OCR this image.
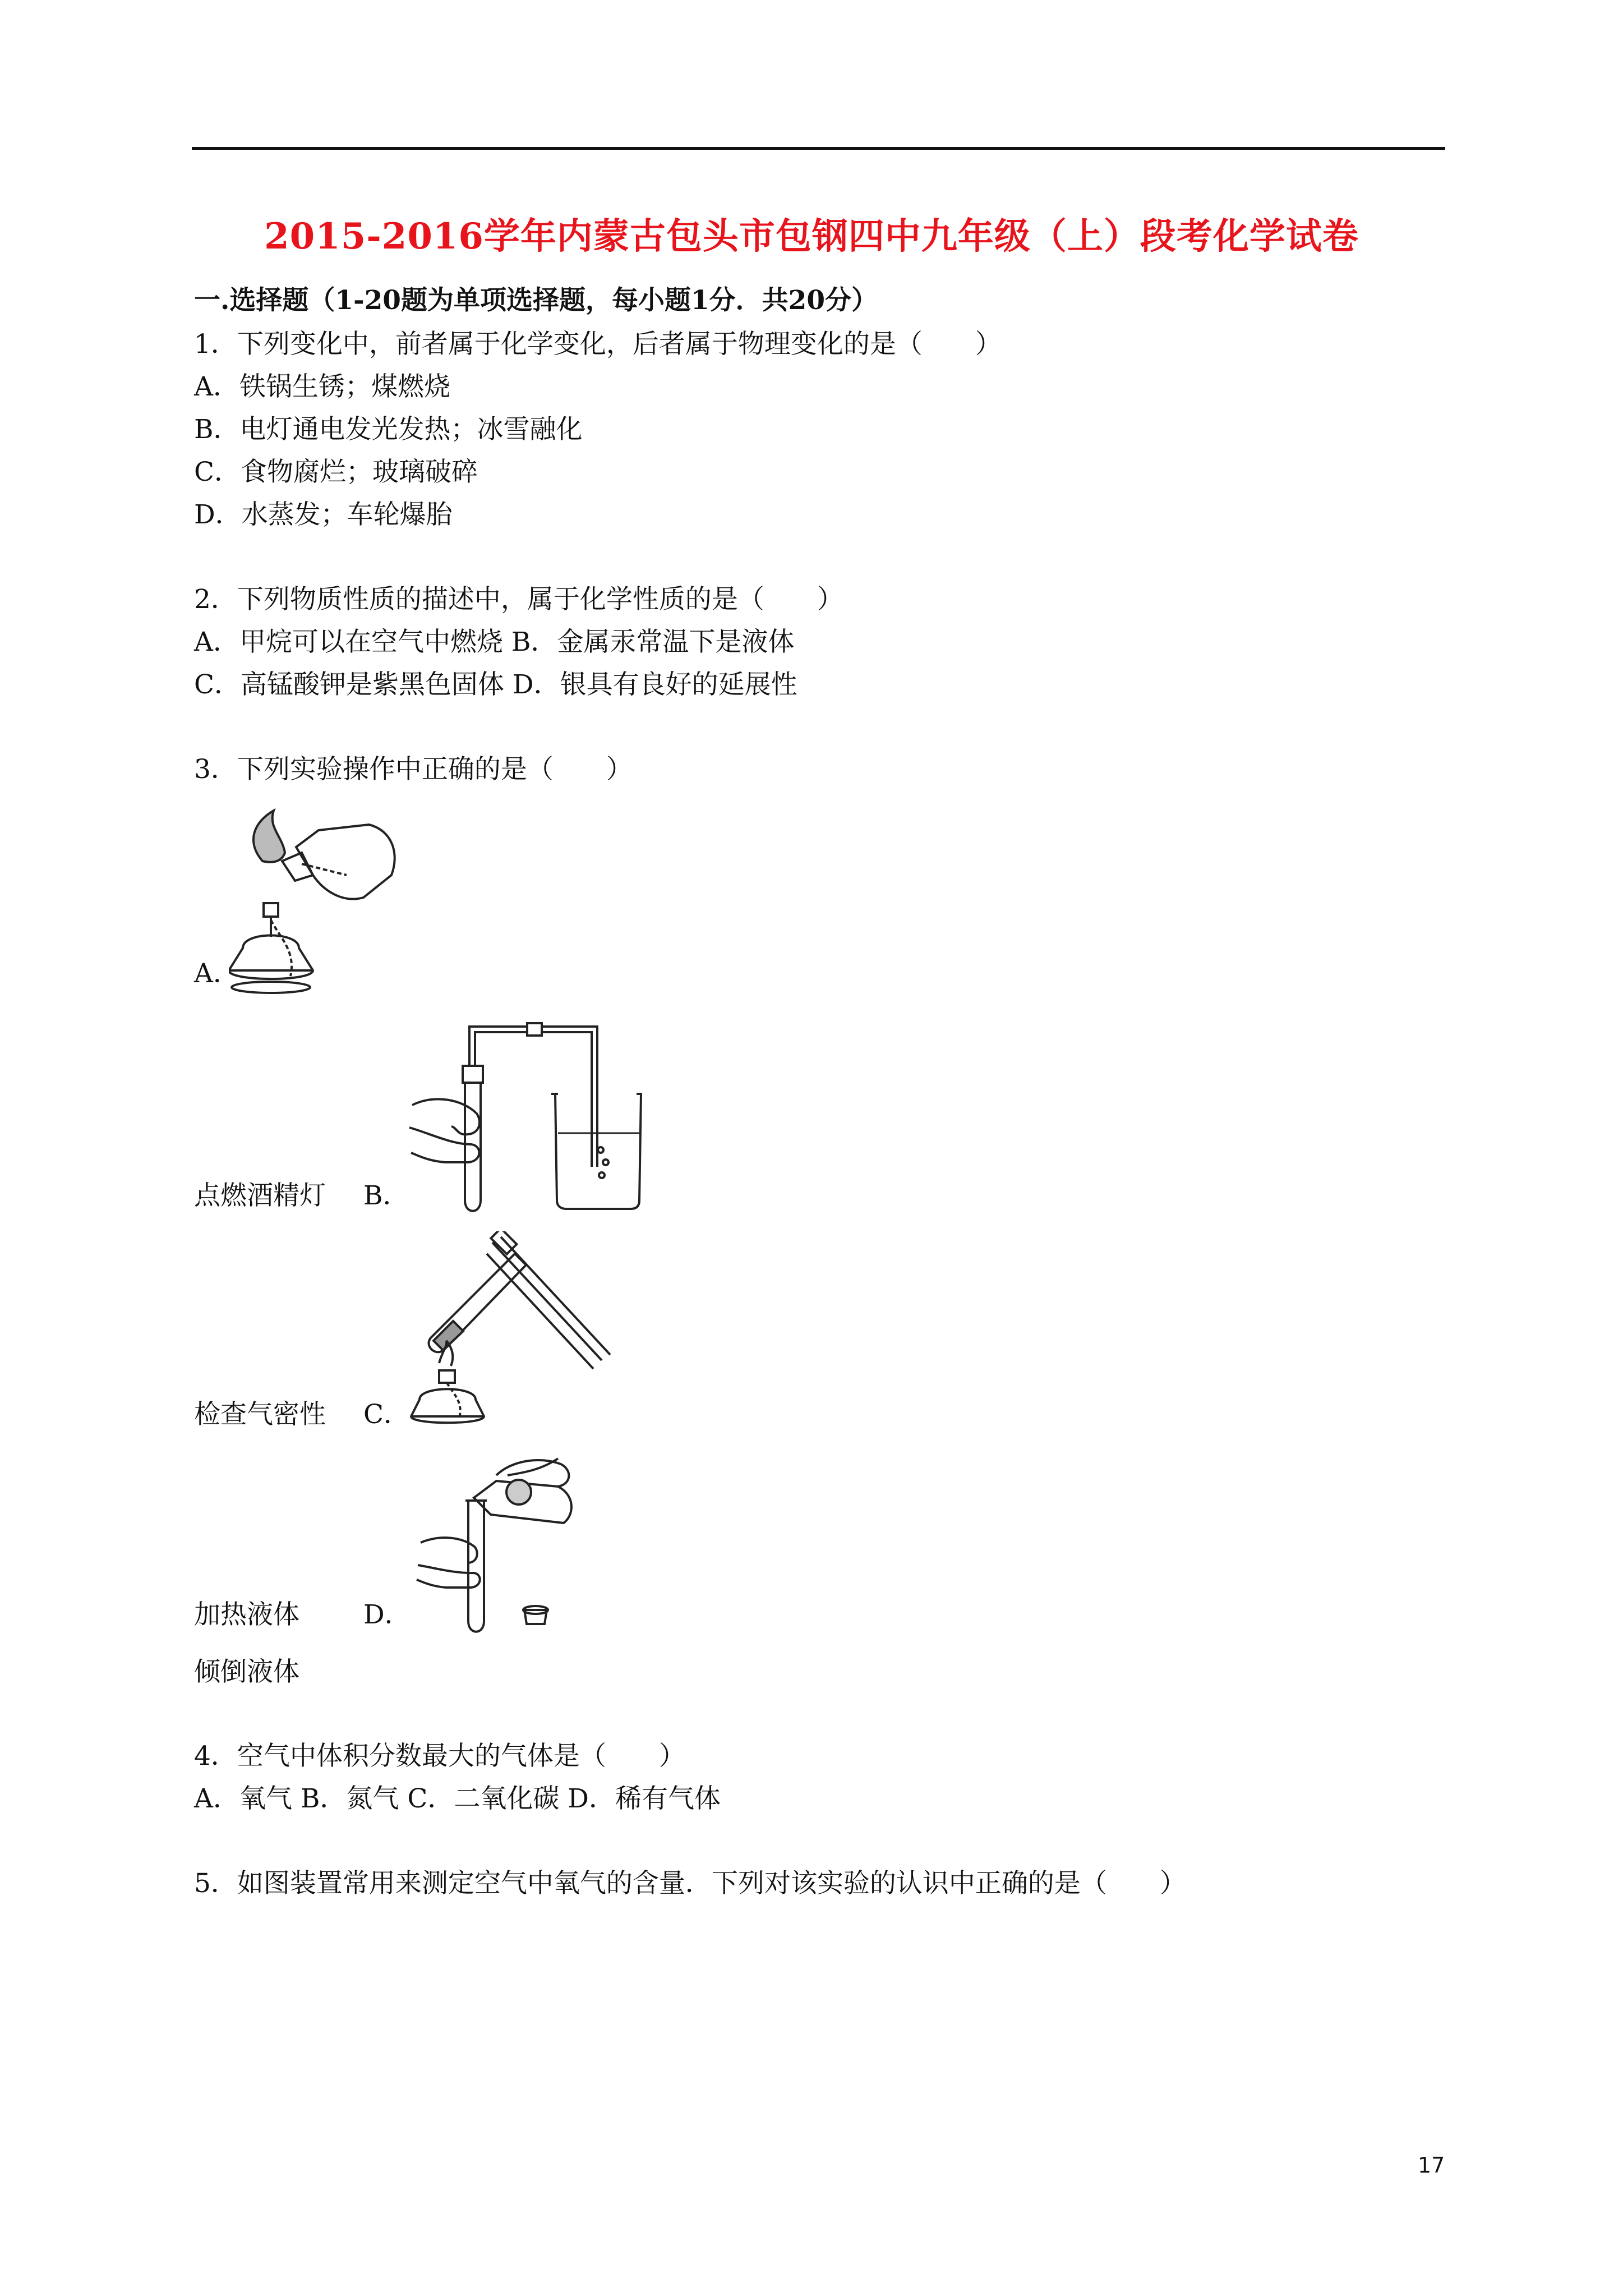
2015-2016学年内蒙古包头市包钢四中九年级（上）段考化学试卷
一.选择题（1-20题为单项选择题，每小题1分．共20分）
1．下列变化中，前者属于化学变化，后者属于物理变化的是（　　）
A．铁锅生锈；煤燃烧
B．电灯通电发光发热；冰雪融化
C．食物腐烂；玻璃破碎
D．水蒸发；车轮爆胎
2．下列物质性质的描述中，属于化学性质的是（　　）
A．甲烷可以在空气中燃烧 B．金属汞常温下是液体
C．高锰酸钾是紫黑色固体 D．银具有良好的延展性
3．下列实验操作中正确的是（　　）
A．
点燃酒精灯 B．
检查气密性 C．
加热液体 D．
倾倒液体
4．空气中体积分数最大的气体是（　　）
A．氧气 B．氮气 C．二氧化碳 D．稀有气体
5．如图装置常用来测定空气中氧气的含量．下列对该实验的认识中正确的是（　　）
17
